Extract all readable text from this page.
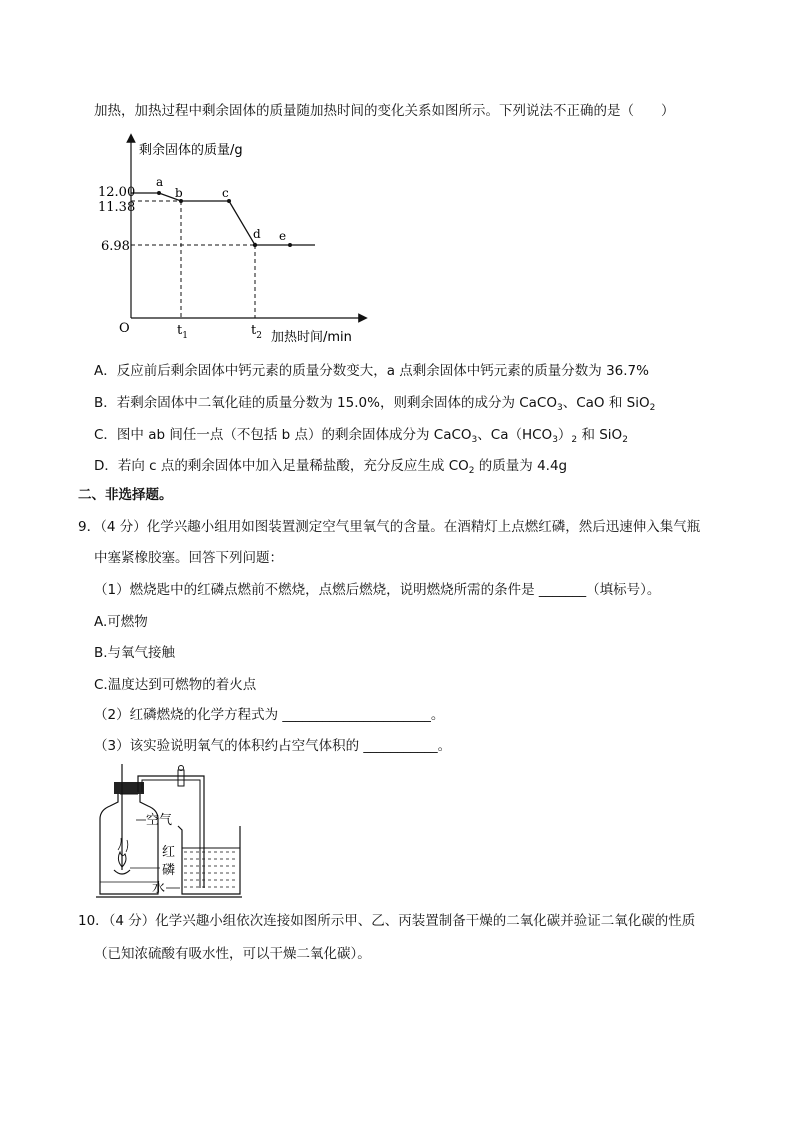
加热，加热过程中剩余固体的质量随加热时间的变化关系如图所示。下列说法不正确的是（　　）
剩余固体的质量/g
加热时间/min
O
12.00
11.38
6.98
$t_1$	$t_2$
a
b	c
d e
A．反应前后剩余固体中钙元素的质量分数变大，a 点剩余固体中钙元素的质量分数为 36.7%
B．若剩余固体中二氧化硅的质量分数为 15.0%，则剩余固体的成分为 CaCO$_3$、CaO 和 SiO$_2$
C．图中 ab 间任一点（不包括 b 点）的剩余固体成分为 CaCO$_3$、$Ca(HCO_3)_2$ 和 SiO$_2$
D．若向 c 点的剩余固体中加入足量稀盐酸，充分反应生成 $CO_2$ 的质量为 4.4g
二、非选择题。
9．（4 分）化学兴趣小组用如图装置测定空气里氧气的含量。在酒精灯上点燃红磷，然后迅速伸入集气瓶
中塞紧橡胶塞。回答下列问题：
（1）燃烧匙中的红磷点燃前不燃烧，点燃后燃烧，说明燃烧所需的条件是 _______（填标号）。
A.可燃物
B.与氧气接触
C.温度达到可燃物的着火点
（2）红磷燃烧的化学方程式为 ______________________。
（3）该实验说明氧气的体积约占空气体积的 ___________。
空气
红
磷
水
10．（4 分）化学兴趣小组依次连接如图所示甲、乙、丙装置制备干燥的二氧化碳并验证二氧化碳的性质
（已知浓硫酸有吸水性，可以干燥二氧化碳）。
